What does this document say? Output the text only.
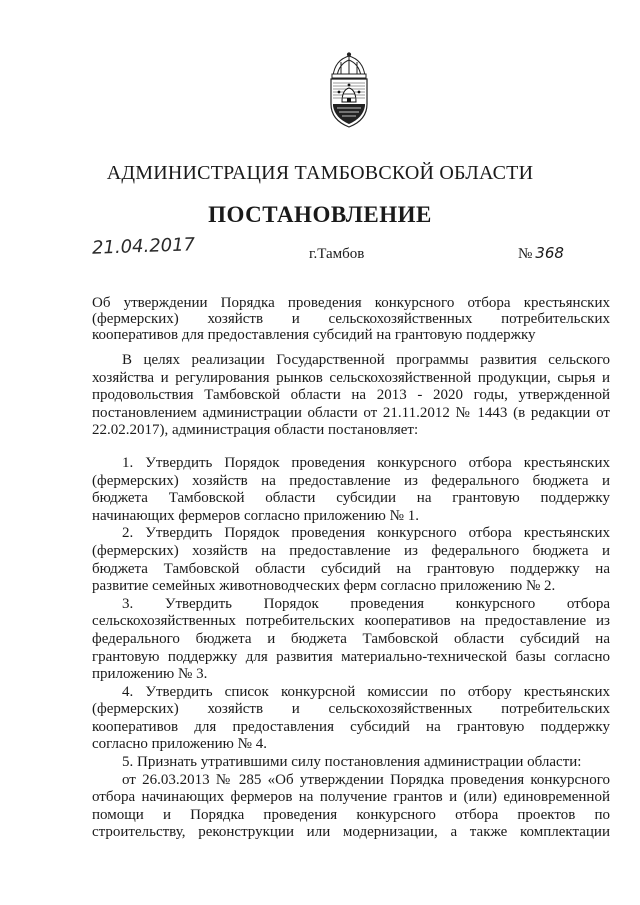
АДМИНИСТРАЦИЯ ТАМБОВСКОЙ ОБЛАСТИ
ПОСТАНОВЛЕНИЕ
21.04.2017	г.Тамбов	№ 368
Об утверждении Порядка проведения конкурсного отбора крестьянских
(фермерских) хозяйств и сельскохозяйственных потребительских
кооперативов для предоставления субсидий на грантовую поддержку

В целях реализации Государственной программы развития сельского
хозяйства и регулирования рынков сельскохозяйственной продукции, сырья и
продовольствия Тамбовской области на 2013 - 2020 годы, утвержденной
постановлением администрации области от 21.11.2012 № 1443 (в редакции от
22.02.2017), администрация области постановляет:

1. Утвердить Порядок проведения конкурсного отбора крестьянских
(фермерских) хозяйств на предоставление из федерального бюджета и
бюджета Тамбовской области субсидии на грантовую поддержку
начинающих фермеров согласно приложению № 1.

2. Утвердить Порядок проведения конкурсного отбора крестьянских
(фермерских) хозяйств на предоставление из федерального бюджета и
бюджета Тамбовской области субсидий на грантовую поддержку на
развитие семейных животноводческих ферм согласно приложению № 2.

3. Утвердить Порядок проведения конкурсного отбора
сельскохозяйственных потребительских кооперативов на предоставление из
федерального бюджета и бюджета Тамбовской области субсидий на
грантовую поддержку для развития материально-технической базы согласно
приложению № 3.

4. Утвердить список конкурсной комиссии по отбору крестьянских
(фермерских) хозяйств и сельскохозяйственных потребительских
кооперативов для предоставления субсидий на грантовую поддержку
согласно приложению № 4.

5. Признать утратившими силу постановления администрации области:

от 26.03.2013 № 285 «Об утверждении Порядка проведения конкурсного
отбора начинающих фермеров на получение грантов и (или) единовременной
помощи и Порядка проведения конкурсного отбора проектов по
строительству, реконструкции или модернизации, а также комплектации
